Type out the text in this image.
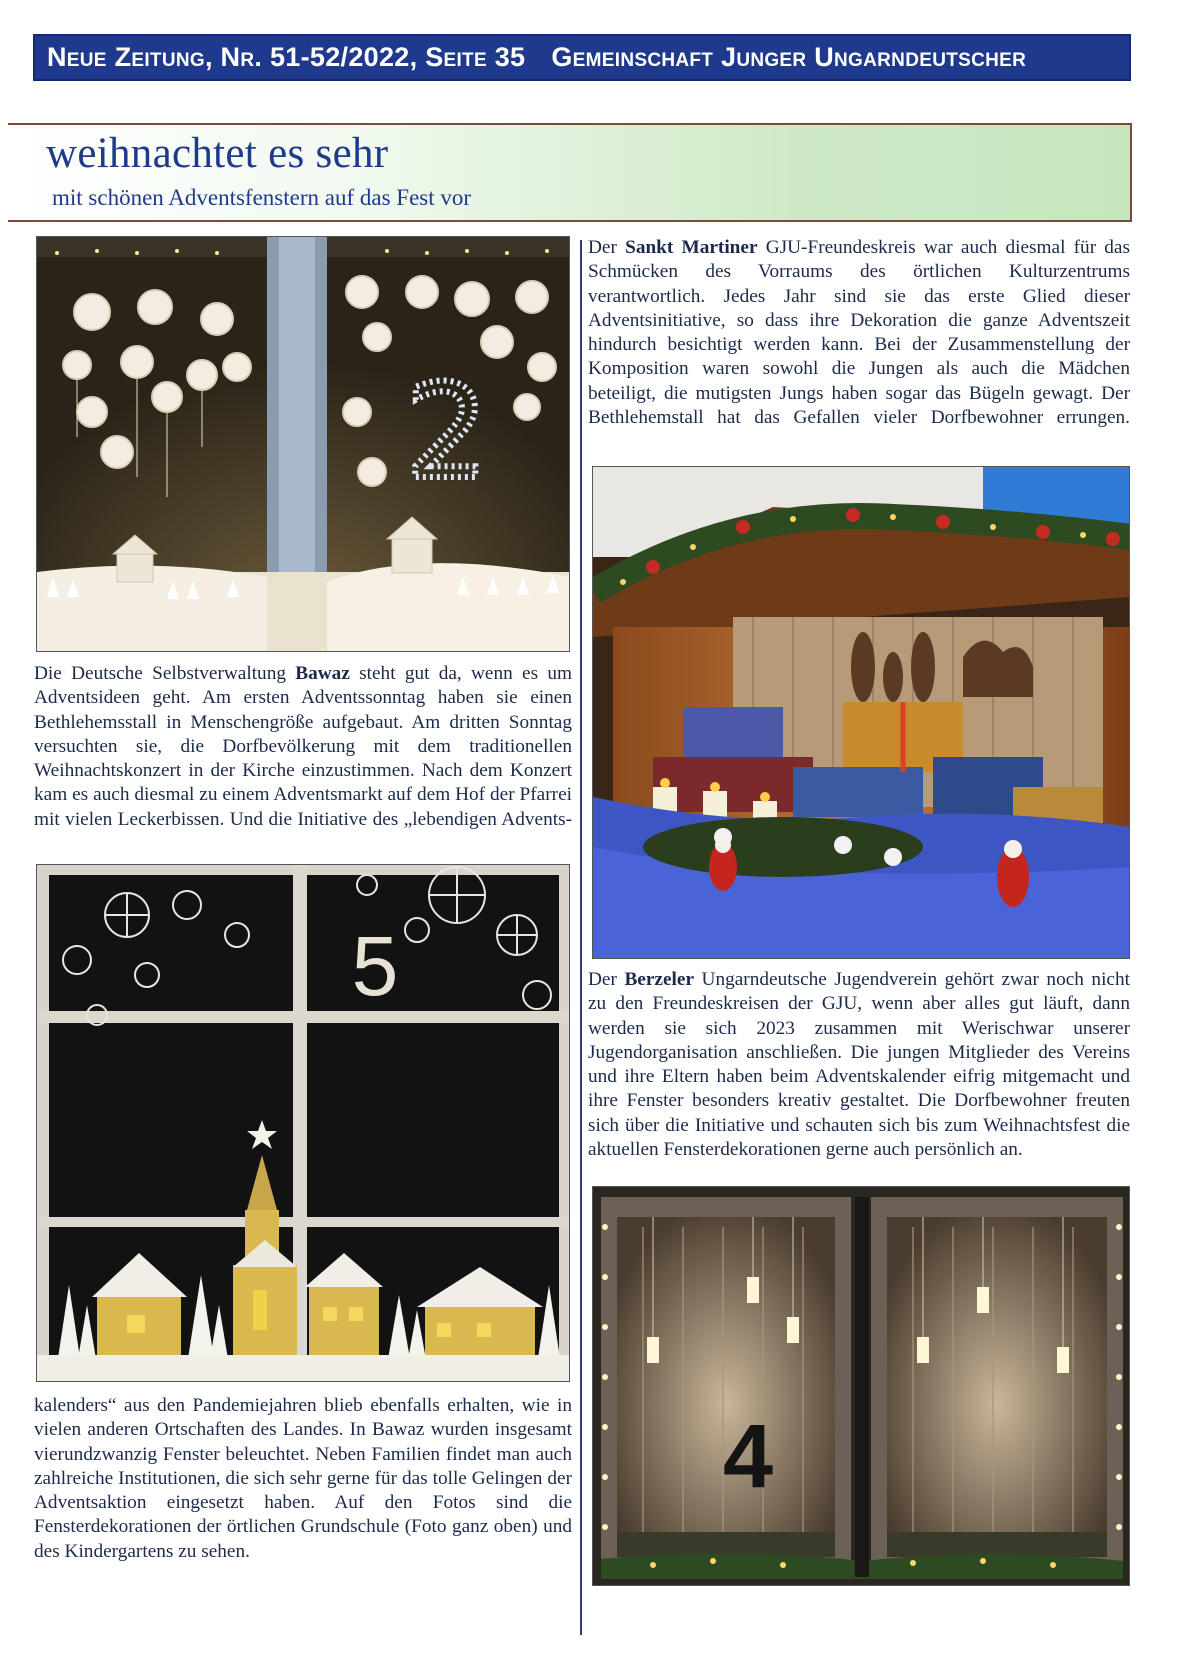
Neue Zeitung, Nr. 51-52/2022, Seite 35 Gemeinschaft Junger Ungarndeutscher
weihnachtet es sehr
mit schönen Adventsfenstern auf das Fest vor
2
Die Deutsche Selbstverwaltung Bawaz steht gut da, wenn es um Adventsideen geht. Am ersten Adventssonntag haben sie einen Bethlehemsstall in Menschengröße aufgebaut. Am dritten Sonntag versuchten sie, die Dorfbevölkerung mit dem traditionellen Weihnachtskonzert in der Kirche einzustimmen. Nach dem Konzert kam es auch diesmal zu einem Adventsmarkt auf dem Hof der Pfarrei mit vielen Leckerbissen. Und die Initiative des „lebendigen Advents-
5
kalenders“ aus den Pandemiejahren blieb ebenfalls erhalten, wie in vielen anderen Ortschaften des Landes. In Bawaz wurden insgesamt vierundzwanzig Fenster beleuchtet. Neben Familien findet man auch zahlreiche Institutionen, die sich sehr gerne für das tolle Gelingen der Adventsaktion eingesetzt haben. Auf den Fotos sind die Fensterdekorationen der örtlichen Grundschule (Foto ganz oben) und des Kindergartens zu sehen.
Der Sankt Martiner GJU-Freundeskreis war auch diesmal für das Schmücken des Vorraums des örtlichen Kulturzentrums verantwortlich. Jedes Jahr sind sie das erste Glied dieser Adventsinitiative, so dass ihre Dekoration die ganze Adventszeit hindurch besichtigt werden kann. Bei der Zusammenstellung der Komposition waren sowohl die Jungen als auch die Mädchen beteiligt, die mutigsten Jungs haben sogar das Bügeln gewagt. Der Bethlehemstall hat das Gefallen vieler Dorfbewohner errungen.
Der Berzeler Ungarndeutsche Jugendverein gehört zwar noch nicht zu den Freundeskreisen der GJU, wenn aber alles gut läuft, dann werden sie sich 2023 zusammen mit Werischwar unserer Jugendorganisation anschließen. Die jungen Mitglieder des Vereins und ihre Eltern haben beim Adventskalender eifrig mitgemacht und ihre Fenster besonders kreativ gestaltet. Die Dorfbewohner freuten sich über die Initiative und schauten sich bis zum Weihnachtsfest die aktuellen Fensterdekorationen gerne auch persönlich an.
4
